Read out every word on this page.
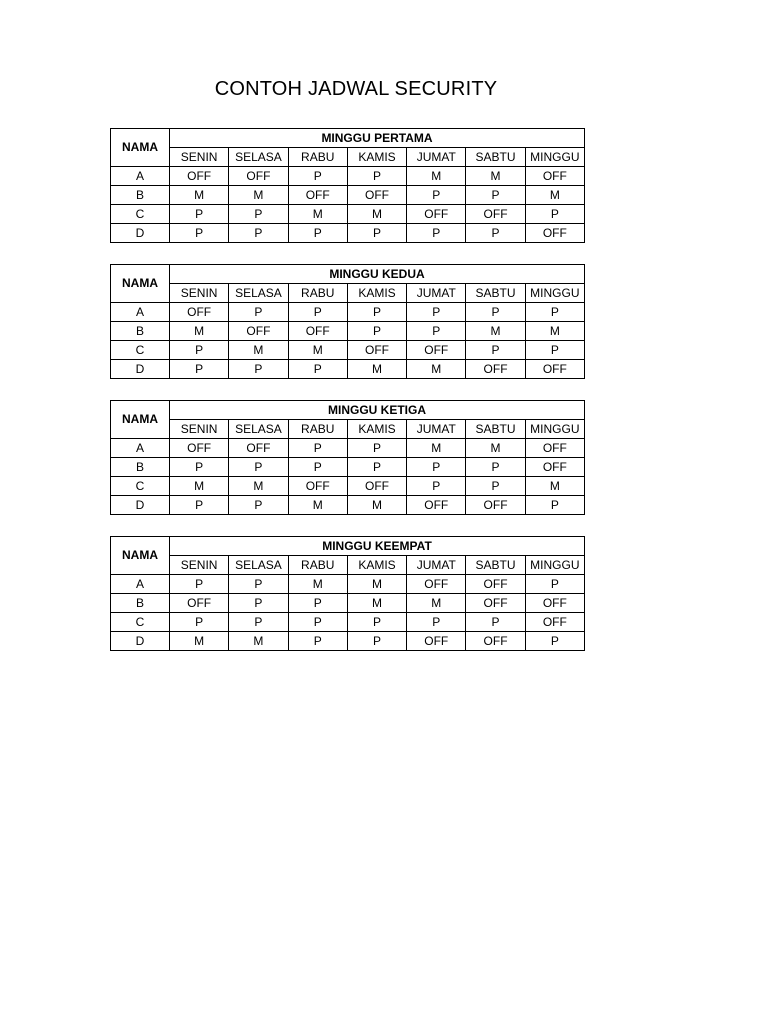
CONTOH JADWAL SECURITY
NAMA	MINGGU PERTAMA						
	SENIN	SELASA	RABU	KAMIS	JUMAT	SABTU	MINGGU
A	OFF	OFF	P	P	M	M	OFF
B	M	M	OFF	OFF	P	P	M
C	P	P	M	M	OFF	OFF	P
D	P	P	P	P	P	P	OFF
NAMA	MINGGU KEDUA						
	SENIN	SELASA	RABU	KAMIS	JUMAT	SABTU	MINGGU
A	OFF	P	P	P	P	P	P
B	M	OFF	OFF	P	P	M	M
C	P	M	M	OFF	OFF	P	P
D	P	P	P	M	M	OFF	OFF
NAMA	MINGGU KETIGA						
	SENIN	SELASA	RABU	KAMIS	JUMAT	SABTU	MINGGU
A	OFF	OFF	P	P	M	M	OFF
B	P	P	P	P	P	P	OFF
C	M	M	OFF	OFF	P	P	M
D	P	P	M	M	OFF	OFF	P
NAMA	MINGGU KEEMPAT						
	SENIN	SELASA	RABU	KAMIS	JUMAT	SABTU	MINGGU
A	P	P	M	M	OFF	OFF	P
B	OFF	P	P	M	M	OFF	OFF
C	P	P	P	P	P	P	OFF
D	M	M	P	P	OFF	OFF	P
